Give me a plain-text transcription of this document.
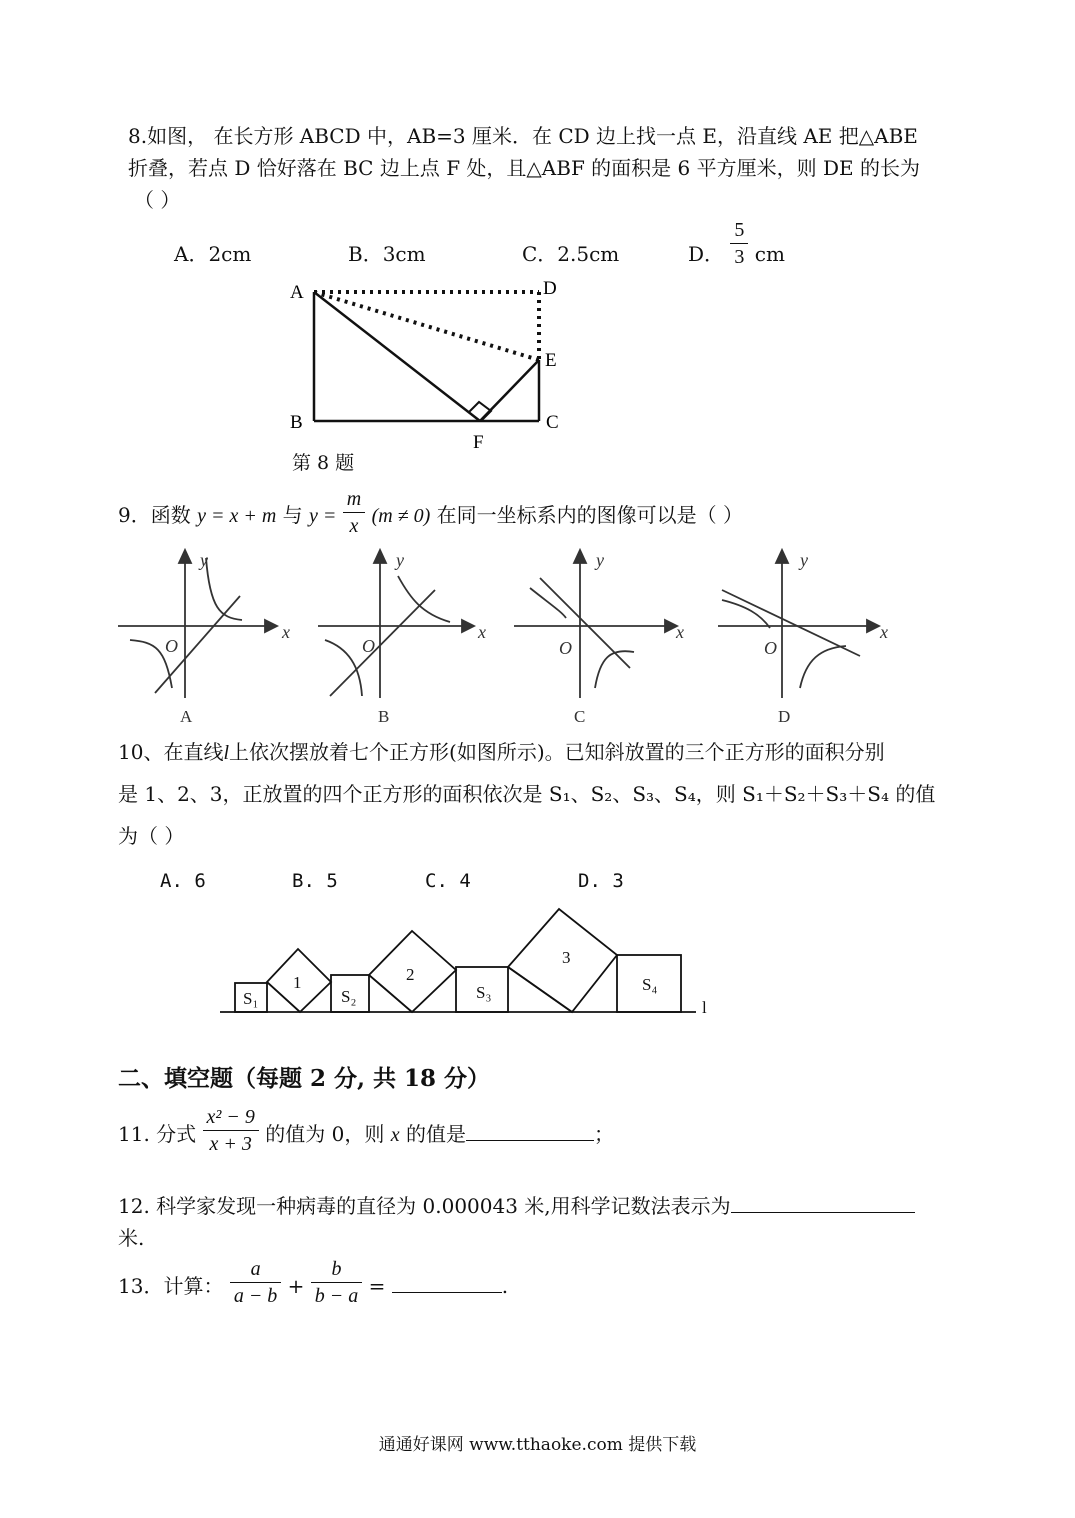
8.如图， 在长方形 ABCD 中，AB=3 厘米．在 CD 边上找一点 E，沿直线 AE 把△ABE
折叠，若点 D 恰好落在 BC 边上点 F 处，且△ABF 的面积是 6 平方厘米，则 DE 的长为
（ ）
A．2cm	B．3cm	C．2.5cm	D． $\frac{5}{3}$ cm
A	D
E
B	C
F
第 8 题
9．函数 y = x + m 与 $y = \frac{m}{x} (m \ne 0)$ 在同一坐标系内的图像可以是（ ）
y
x
O
y
x
O
y
x
O
y
x
O
A	B	C	D
10、在直线l上依次摆放着七个正方形(如图所示)。已知斜放置的三个正方形的面积分别
是 1、2、3，正放置的四个正方形的面积依次是 S₁、S₂、S₃、S₄，则 S₁＋S₂＋S₃＋S₄ 的值
为（ ）
A. 6	B. 5	C. 4	D. 3
S₁
1
S₂
2
S₃
3
S₄
l
二、填空题（每题 2 分, 共 18 分）
11. 分式 $\frac{\text{x² − 9}}{x + 3}$ 的值为 0，则 x 的值是	；
12. 科学家发现一种病毒的直径为 0.000043 米,用科学记数法表示为
米.
13．计算： $\frac{a}{a - b} + \frac{b}{b - a}$ =	.
通通好课网 www.tthaoke.com 提供下载
